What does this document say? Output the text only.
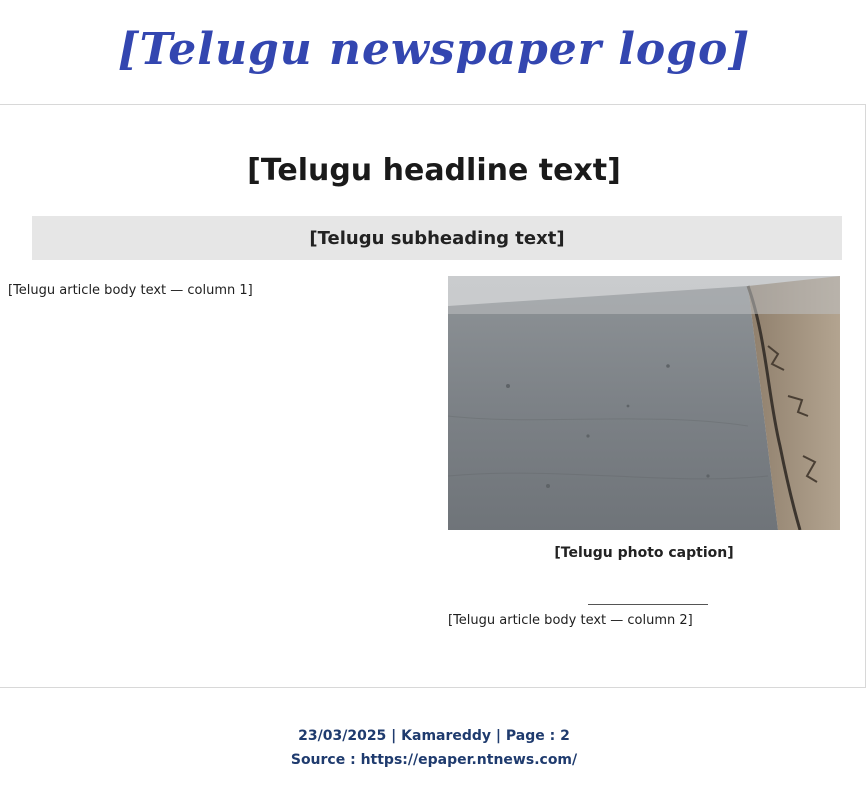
[Telugu newspaper logo]
[Telugu headline text]
[Telugu subheading text]
[Telugu article body text — column 1]
[Telugu photo caption]
[Telugu article body text — column 2]
23/03/2025 | Kamareddy | Page : 2
Source : https://epaper.ntnews.com/
